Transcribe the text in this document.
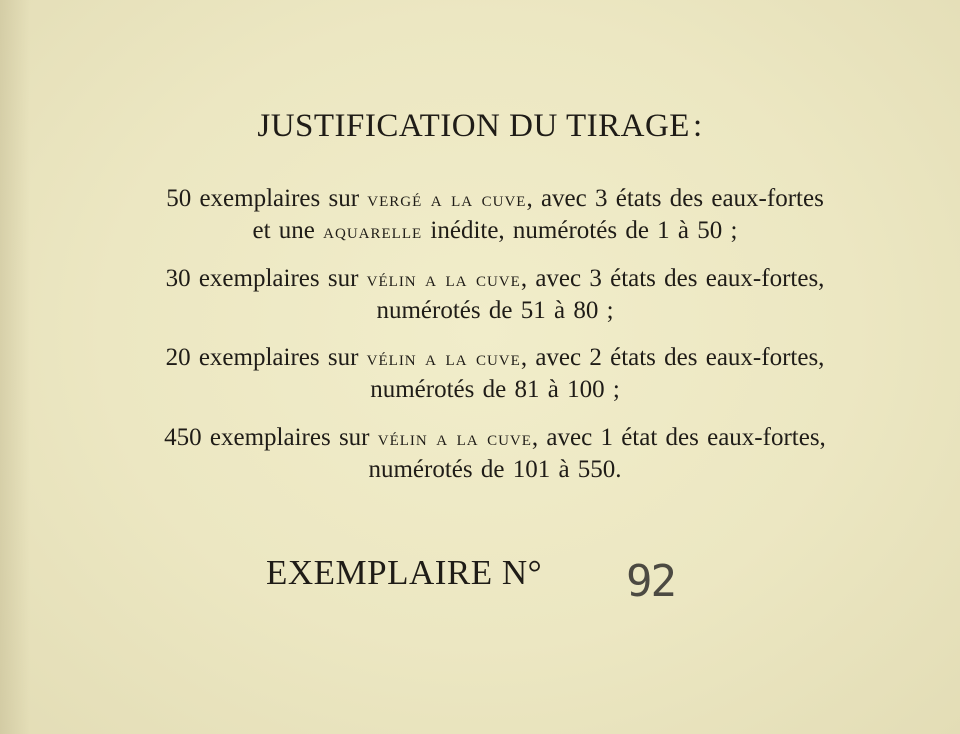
JUSTIFICATION DU TIRAGE:
50 exemplaires sur vergé a la cuve, avec 3 états des eaux-fortes
et une aquarelle inédite, numérotés de 1 à 50 ;
30 exemplaires sur vélin a la cuve, avec 3 états des eaux-fortes,
numérotés de 51 à 80 ;
20 exemplaires sur vélin a la cuve, avec 2 états des eaux-fortes,
numérotés de 81 à 100 ;
450 exemplaires sur vélin a la cuve, avec 1 état des eaux-fortes,
numérotés de 101 à 550.
EXEMPLAIRE N° 92
